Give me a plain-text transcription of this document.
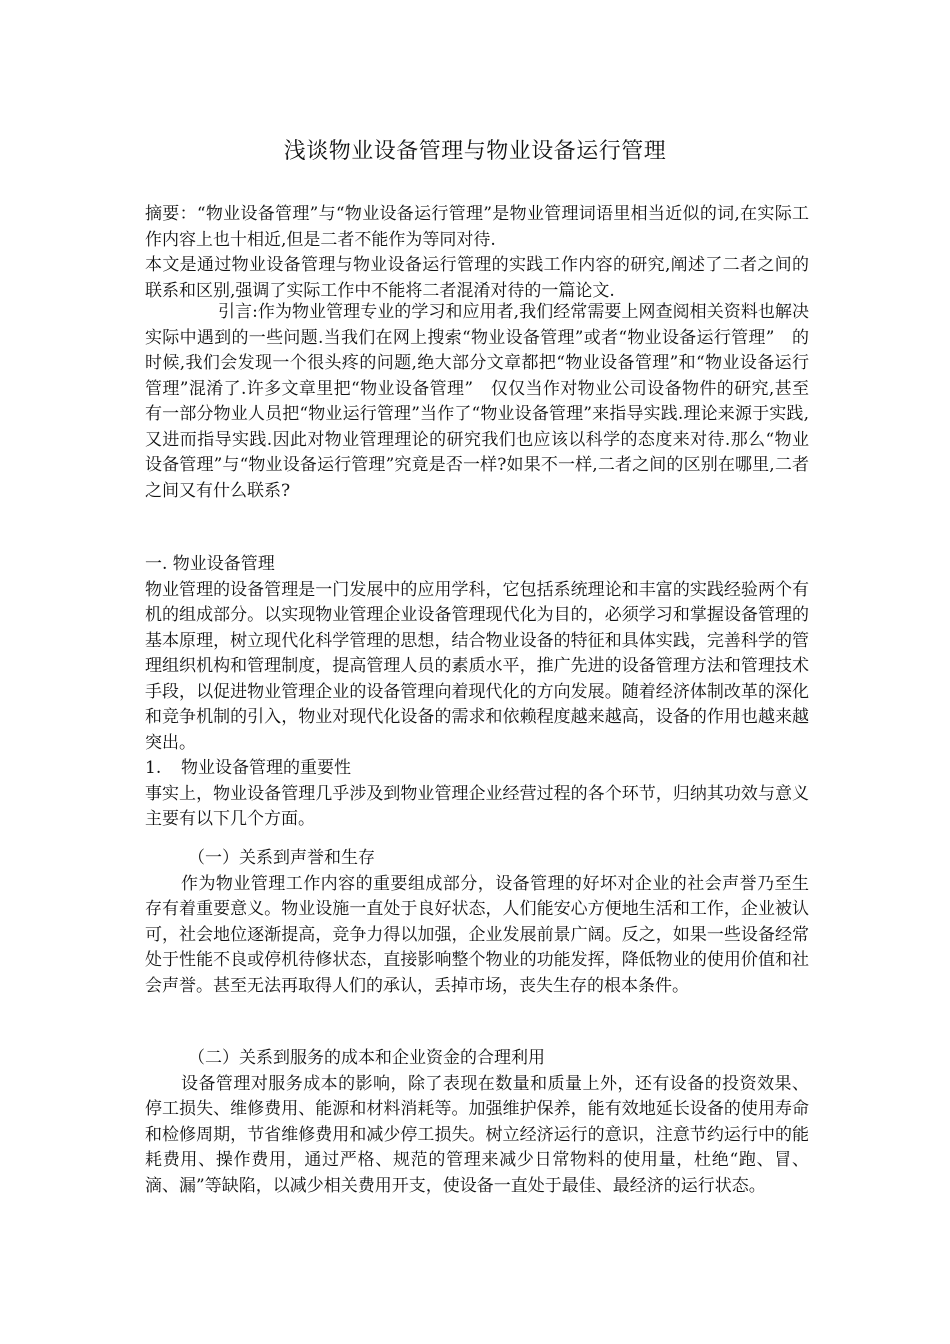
浅谈物业设备管理与物业设备运行管理

摘要：“物业设备管理”与“物业设备运行管理”是物业管理词语里相当近似的词,在实际工作内容上也十相近,但是二者不能作为等同对待.

本文是通过物业设备管理与物业设备运行管理的实践工作内容的研究,阐述了二者之间的联系和区别,强调了实际工作中不能将二者混淆对待的一篇论文.

引言:作为物业管理专业的学习和应用者,我们经常需要上网查阅相关资料也解决实际中遇到的一些问题.当我们在网上搜索“物业设备管理”或者“物业设备运行管理”　的时候,我们会发现一个很头疼的问题,绝大部分文章都把“物业设备管理”和“物业设备运行管理”混淆了.许多文章里把“物业设备管理”　仅仅当作对物业公司设备物件的研究,甚至有一部分物业人员把“物业运行管理”当作了“物业设备管理”来指导实践.理论来源于实践,又进而指导实践.因此对物业管理理论的研究我们也应该以科学的态度来对待.那么“物业设备管理”与“物业设备运行管理”究竟是否一样?如果不一样,二者之间的区别在哪里,二者之间又有什么联系?

一. 物业设备管理

物业管理的设备管理是一门发展中的应用学科，它包括系统理论和丰富的实践经验两个有机的组成部分。以实现物业管理企业设备管理现代化为目的，必须学习和掌握设备管理的基本原理，树立现代化科学管理的思想，结合物业设备的特征和具体实践，完善科学的管理组织机构和管理制度，提高管理人员的素质水平，推广先进的设备管理方法和管理技术手段，以促进物业管理企业的设备管理向着现代化的方向发展。随着经济体制改革的深化和竞争机制的引入，物业对现代化设备的需求和依赖程度越来越高，设备的作用也越来越突出。

1. 物业设备管理的重要性

事实上，物业设备管理几乎涉及到物业管理企业经营过程的各个环节，归纳其功效与意义主要有以下几个方面。

（一）关系到声誉和生存

作为物业管理工作内容的重要组成部分，设备管理的好坏对企业的社会声誉乃至生存有着重要意义。物业设施一直处于良好状态，人们能安心方便地生活和工作，企业被认可，社会地位逐渐提高，竞争力得以加强，企业发展前景广阔。反之，如果一些设备经常处于性能不良或停机待修状态，直接影响整个物业的功能发挥，降低物业的使用价值和社会声誉。甚至无法再取得人们的承认，丢掉市场，丧失生存的根本条件。

（二）关系到服务的成本和企业资金的合理利用

设备管理对服务成本的影响，除了表现在数量和质量上外，还有设备的投资效果、停工损失、维修费用、能源和材料消耗等。加强维护保养，能有效地延长设备的使用寿命和检修周期，节省维修费用和减少停工损失。树立经济运行的意识，注意节约运行中的能耗费用、操作费用，通过严格、规范的管理来减少日常物料的使用量，杜绝“跑、冒、滴、漏”等缺陷，以减少相关费用开支，使设备一直处于最佳、最经济的运行状态。
